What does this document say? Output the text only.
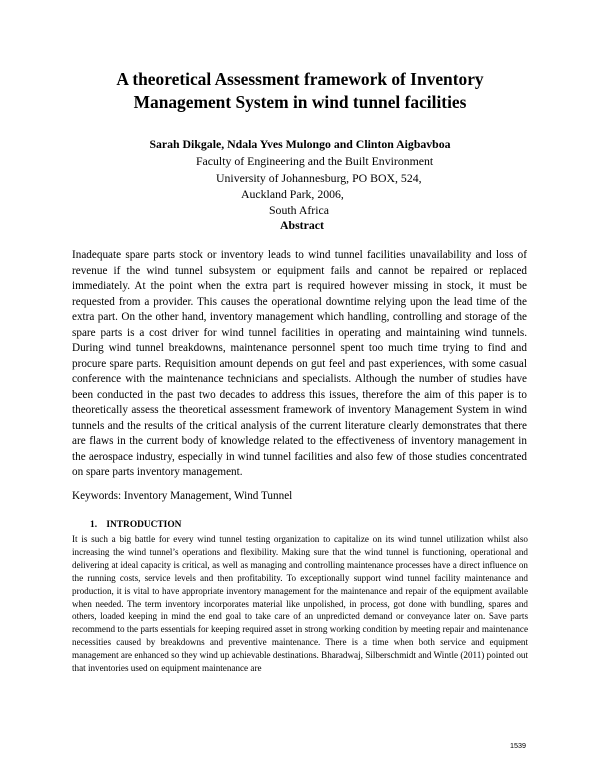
A theoretical Assessment framework of Inventory
Management System in wind tunnel facilities
Sarah Dikgale, Ndala Yves Mulongo and Clinton Aigbavboa
Faculty of Engineering and the Built Environment
University of Johannesburg, PO BOX, 524,
Auckland Park, 2006,
South Africa
Abstract

Inadequate spare parts stock or inventory leads to wind tunnel facilities unavailability and loss of revenue if the wind tunnel subsystem or equipment fails and cannot be repaired or replaced immediately. At the point when the extra part is required however missing in stock, it must be requested from a provider. This causes the operational downtime relying upon the lead time of the extra part. On the other hand, inventory management which handling, controlling and storage of the spare parts is a cost driver for wind tunnel facilities in operating and maintaining wind tunnels. During wind tunnel breakdowns, maintenance personnel spent too much time trying to find and procure spare parts. Requisition amount depends on gut feel and past experiences, with some casual conference with the maintenance technicians and specialists. Although the number of studies have been conducted in the past two decades to address this issues, therefore the aim of this paper is to theoretically assess the theoretical assessment framework of inventory Management System in wind tunnels and the results of the critical analysis of the current literature clearly demonstrates that there are flaws in the current body of knowledge related to the effectiveness of inventory management in the aerospace industry, especially in wind tunnel facilities and also few of those studies concentrated on spare parts inventory management.

Keywords: Inventory Management, Wind Tunnel
1. INTRODUCTION

It is such a big battle for every wind tunnel testing organization to capitalize on its wind tunnel utilization whilst also increasing the wind tunnel’s operations and flexibility. Making sure that the wind tunnel is functioning, operational and delivering at ideal capacity is critical, as well as managing and controlling maintenance processes have a direct influence on the running costs, service levels and then profitability. To exceptionally support wind tunnel facility maintenance and production, it is vital to have appropriate inventory management for the maintenance and repair of the equipment available when needed. The term inventory incorporates material like unpolished, in process, got done with bundling, spares and others, loaded keeping in mind the end goal to take care of an unpredicted demand or conveyance later on. Save parts recommend to the parts essentials for keeping required asset in strong working condition by meeting repair and maintenance necessities caused by breakdowns and preventive maintenance. There is a time when both service and equipment management are enhanced so they wind up achievable destinations. Bharadwaj, Silberschmidt and Wintle (2011) pointed out that inventories used on equipment maintenance are

1539
